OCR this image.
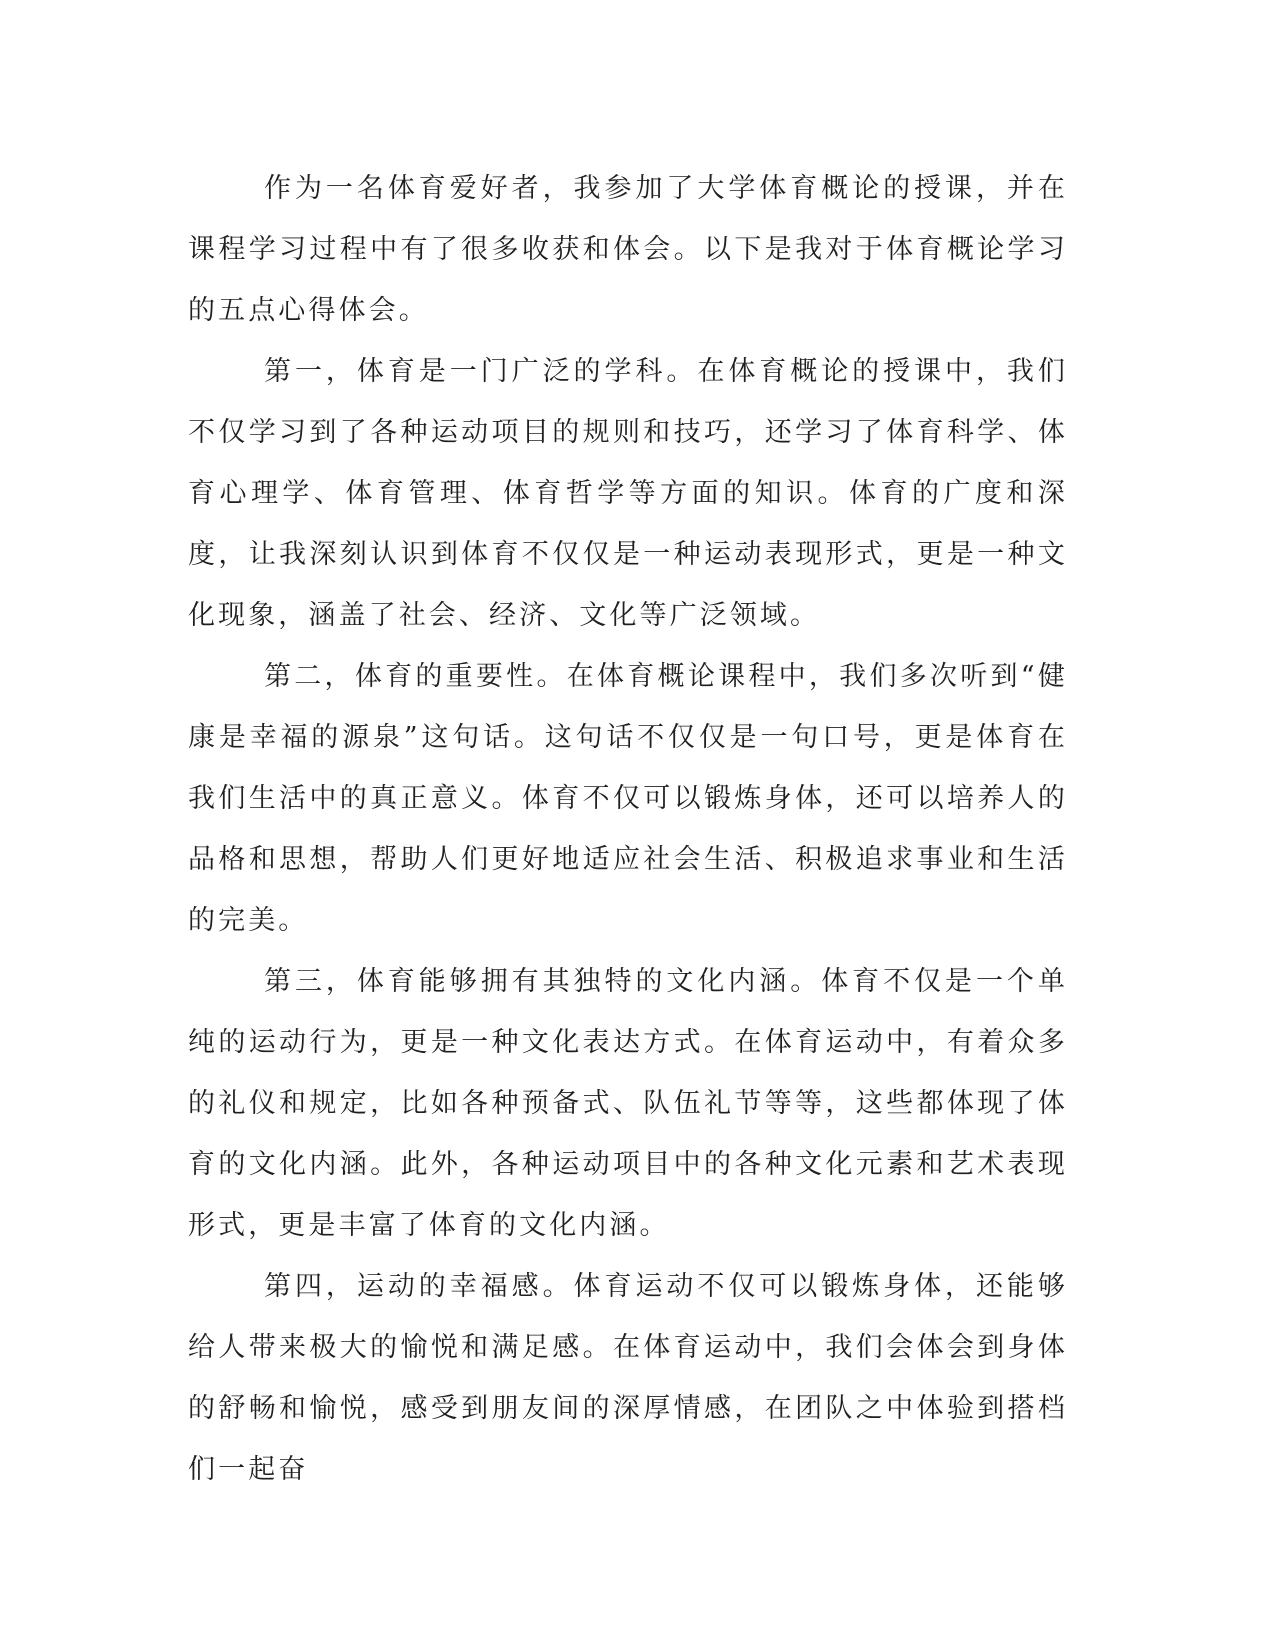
作为一名体育爱好者，我参加了大学体育概论的授课，并在课程学习过程中有了很多收获和体会。以下是我对于体育概论学习的五点心得体会。

第一，体育是一门广泛的学科。在体育概论的授课中，我们不仅学习到了各种运动项目的规则和技巧，还学习了体育科学、体育心理学、体育管理、体育哲学等方面的知识。体育的广度和深度，让我深刻认识到体育不仅仅是一种运动表现形式，更是一种文化现象，涵盖了社会、经济、文化等广泛领域。

第二，体育的重要性。在体育概论课程中，我们多次听到“健康是幸福的源泉”这句话。这句话不仅仅是一句口号，更是体育在我们生活中的真正意义。体育不仅可以锻炼身体，还可以培养人的品格和思想，帮助人们更好地适应社会生活、积极追求事业和生活的完美。

第三，体育能够拥有其独特的文化内涵。体育不仅是一个单纯的运动行为，更是一种文化表达方式。在体育运动中，有着众多的礼仪和规定，比如各种预备式、队伍礼节等等，这些都体现了体育的文化内涵。此外，各种运动项目中的各种文化元素和艺术表现形式，更是丰富了体育的文化内涵。

第四，运动的幸福感。体育运动不仅可以锻炼身体，还能够给人带来极大的愉悦和满足感。在体育运动中，我们会体会到身体的舒畅和愉悦，感受到朋友间的深厚情感，在团队之中体验到搭档们一起奋
